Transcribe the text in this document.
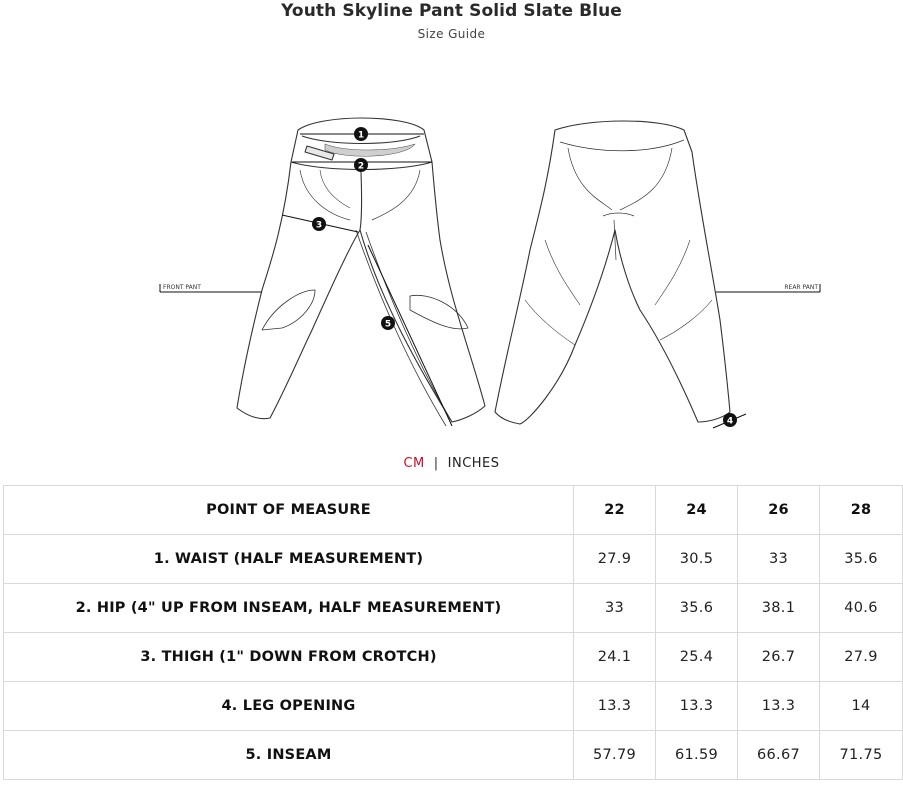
Youth Skyline Pant Solid Slate Blue
Size Guide
FRONT PANT	REAR PANT
1
2
3
4
5
CM | INCHES
POINT OF MEASURE	22	24	26	28
1. WAIST (HALF MEASUREMENT)	27.9	30.5	33	35.6
2. HIP (4" UP FROM INSEAM, HALF MEASUREMENT)	33	35.6	38.1	40.6
3. THIGH (1" DOWN FROM CROTCH)	24.1	25.4	26.7	27.9
4. LEG OPENING	13.3	13.3	13.3	14
5. INSEAM	57.79	61.59	66.67	71.75
